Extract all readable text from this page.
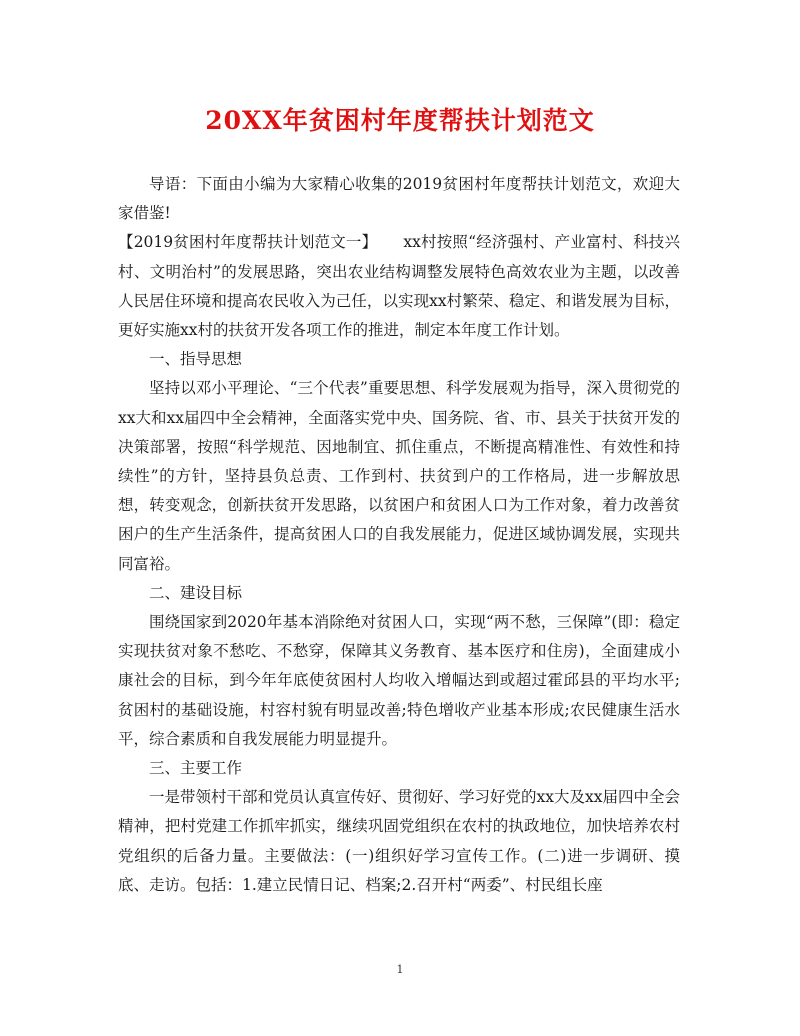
20XX年贫困村年度帮扶计划范文

导语：下面由小编为大家精心收集的2019贫困村年度帮扶计划范文，欢迎大家借鉴!

【2019贫困村年度帮扶计划范文一】 xx村按照“经济强村、产业富村、科技兴村、文明治村”的发展思路，突出农业结构调整发展特色高效农业为主题，以改善人民居住环境和提高农民收入为己任，以实现xx村繁荣、稳定、和谐发展为目标，更好实施xx村的扶贫开发各项工作的推进，制定本年度工作计划。

一、指导思想

坚持以邓小平理论、“三个代表”重要思想、科学发展观为指导，深入贯彻党的xx大和xx届四中全会精神，全面落实党中央、国务院、省、市、县关于扶贫开发的决策部署，按照“科学规范、因地制宜、抓住重点，不断提高精准性、有效性和持续性”的方针，坚持县负总责、工作到村、扶贫到户的工作格局，进一步解放思想，转变观念，创新扶贫开发思路，以贫困户和贫困人口为工作对象，着力改善贫困户的生产生活条件，提高贫困人口的自我发展能力，促进区域协调发展，实现共同富裕。

二、建设目标

围绕国家到2020年基本消除绝对贫困人口，实现“两不愁，三保障”(即：稳定实现扶贫对象不愁吃、不愁穿，保障其义务教育、基本医疗和住房)，全面建成小康社会的目标，到今年年底使贫困村人均收入增幅达到或超过霍邱县的平均水平;贫困村的基础设施，村容村貌有明显改善;特色增收产业基本形成;农民健康生活水平，综合素质和自我发展能力明显提升。

三、主要工作

一是带领村干部和党员认真宣传好、贯彻好、学习好党的xx大及xx届四中全会精神，把村党建工作抓牢抓实，继续巩固党组织在农村的执政地位，加快培养农村党组织的后备力量。主要做法：(一)组织好学习宣传工作。(二)进一步调研、摸底、走访。包括：1.建立民情日记、档案;2.召开村“两委”、村民组长座

1
